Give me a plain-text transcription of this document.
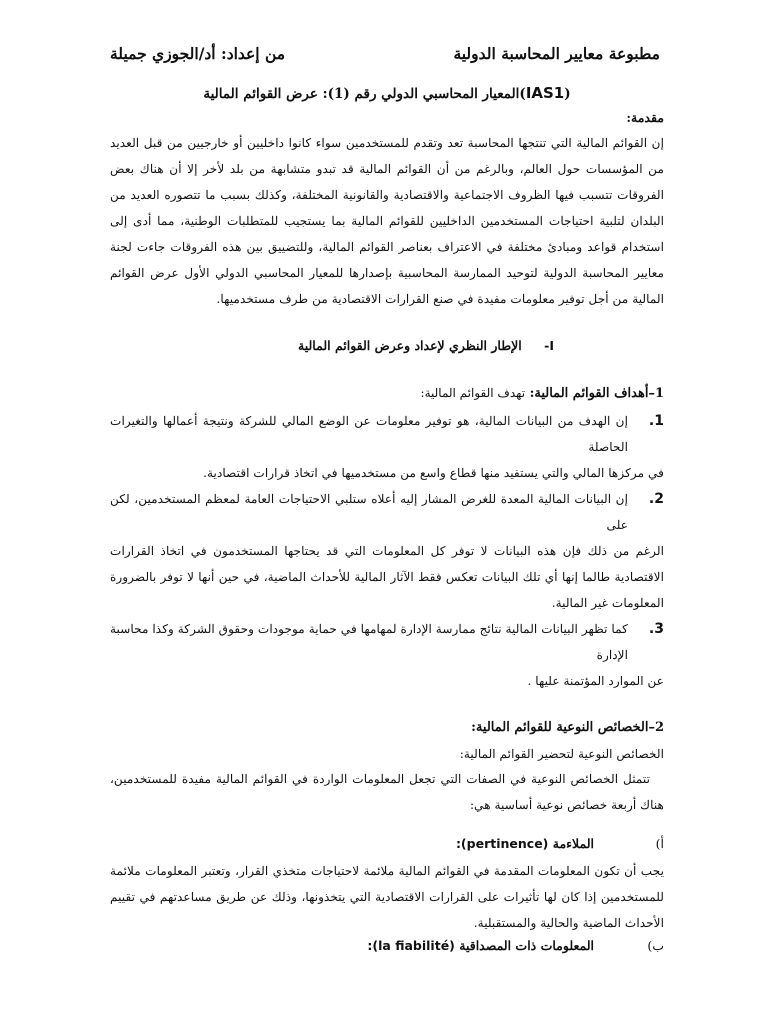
مطبوعة معايير المحاسبة الدولية
من إعداد: أد/الجوزي جميلة
(IAS1)المعيار المحاسبي الدولي رقم (1): عرض القوائم المالية
مقدمة:

إن القوائم المالية التي تنتجها المحاسبة تعد وتقدم للمستخدمين سواء كانوا داخليين أو خارجيين من قبل العديد من المؤسسات حول العالم، وبالرغم من أن القوائم المالية قد تبدو متشابهة من بلد لأخر إلا أن هناك بعض الفروقات تتسبب فيها الظروف الاجتماعية والاقتصادية والقانونية المختلفة، وكذلك بسبب ما تتصوره العديد من البلدان لتلبية احتياجات المستخدمين الداخليين للقوائم المالية بما يستجيب للمتطلبات الوطنية، مما أدى إلى استخدام قواعد ومبادئ مختلفة في الاعتراف بعناصر القوائم المالية، وللتضييق بين هذه الفروقات جاءت لجنة معايير المحاسبة الدولية لتوحيد الممارسة المحاسبية بإصدارها للمعيار المحاسبي الدولي الأول عرض القوائم المالية من أجل توفير معلومات مفيدة في صنع القرارات الاقتصادية من طرف مستخدميها.

I- الإطار النظري لإعداد وعرض القوائم المالية
1–أهداف القوائم المالية: تهدف القوائم المالية:
1.
إن الهدف من البيانات المالية، هو توفير معلومات عن الوضع المالي للشركة ونتيجة أعمالها والتغيرات الحاصلة

في مركزها المالي والتي يستفيد منها قطاع واسع من مستخدميها في اتخاذ قرارات اقتصادية.

2.
إن البيانات المالية المعدة للغرض المشار إليه أعلاه ستلبي الاحتياجات العامة لمعظم المستخدمين، لكن على

الرغم من ذلك فإن هذه البيانات لا توفر كل المعلومات التي قد يحتاجها المستخدمون في اتخاذ القرارات الاقتصادية طالما إنها أي تلك البيانات تعكس فقط الآثار المالية للأحداث الماضية، في حين أنها لا توفر بالضرورة المعلومات غير المالية.

3.
كما تظهر البيانات المالية نتائج ممارسة الإدارة لمهامها في حماية موجودات وحقوق الشركة وكذا محاسبة الإدارة

عن الموارد المؤتمنة عليها .

2–الخصائص النوعية للقوائم المالية:

الخصائص النوعية لتحضير القوائم المالية:

تتمثل الخصائص النوعية في الصفات التي تجعل المعلومات الواردة في القوائم المالية مفيدة للمستخدمين، هناك أربعة خصائص نوعية أساسية هي:

أ)
الملاءمة

(pertinence):

يجب أن تكون المعلومات المقدمة في القوائم المالية ملائمة لاحتياجات متخذي القرار، وتعتبر المعلومات ملائمة للمستخدمين إذا كان لها تأثيرات على القرارات الاقتصادية التي يتخذونها، وذلك عن طريق مساعدتهم في تقييم الأحداث الماضية والحالية والمستقبلية.

ب)
المعلومات ذات المصداقية

(la fiabilité):
